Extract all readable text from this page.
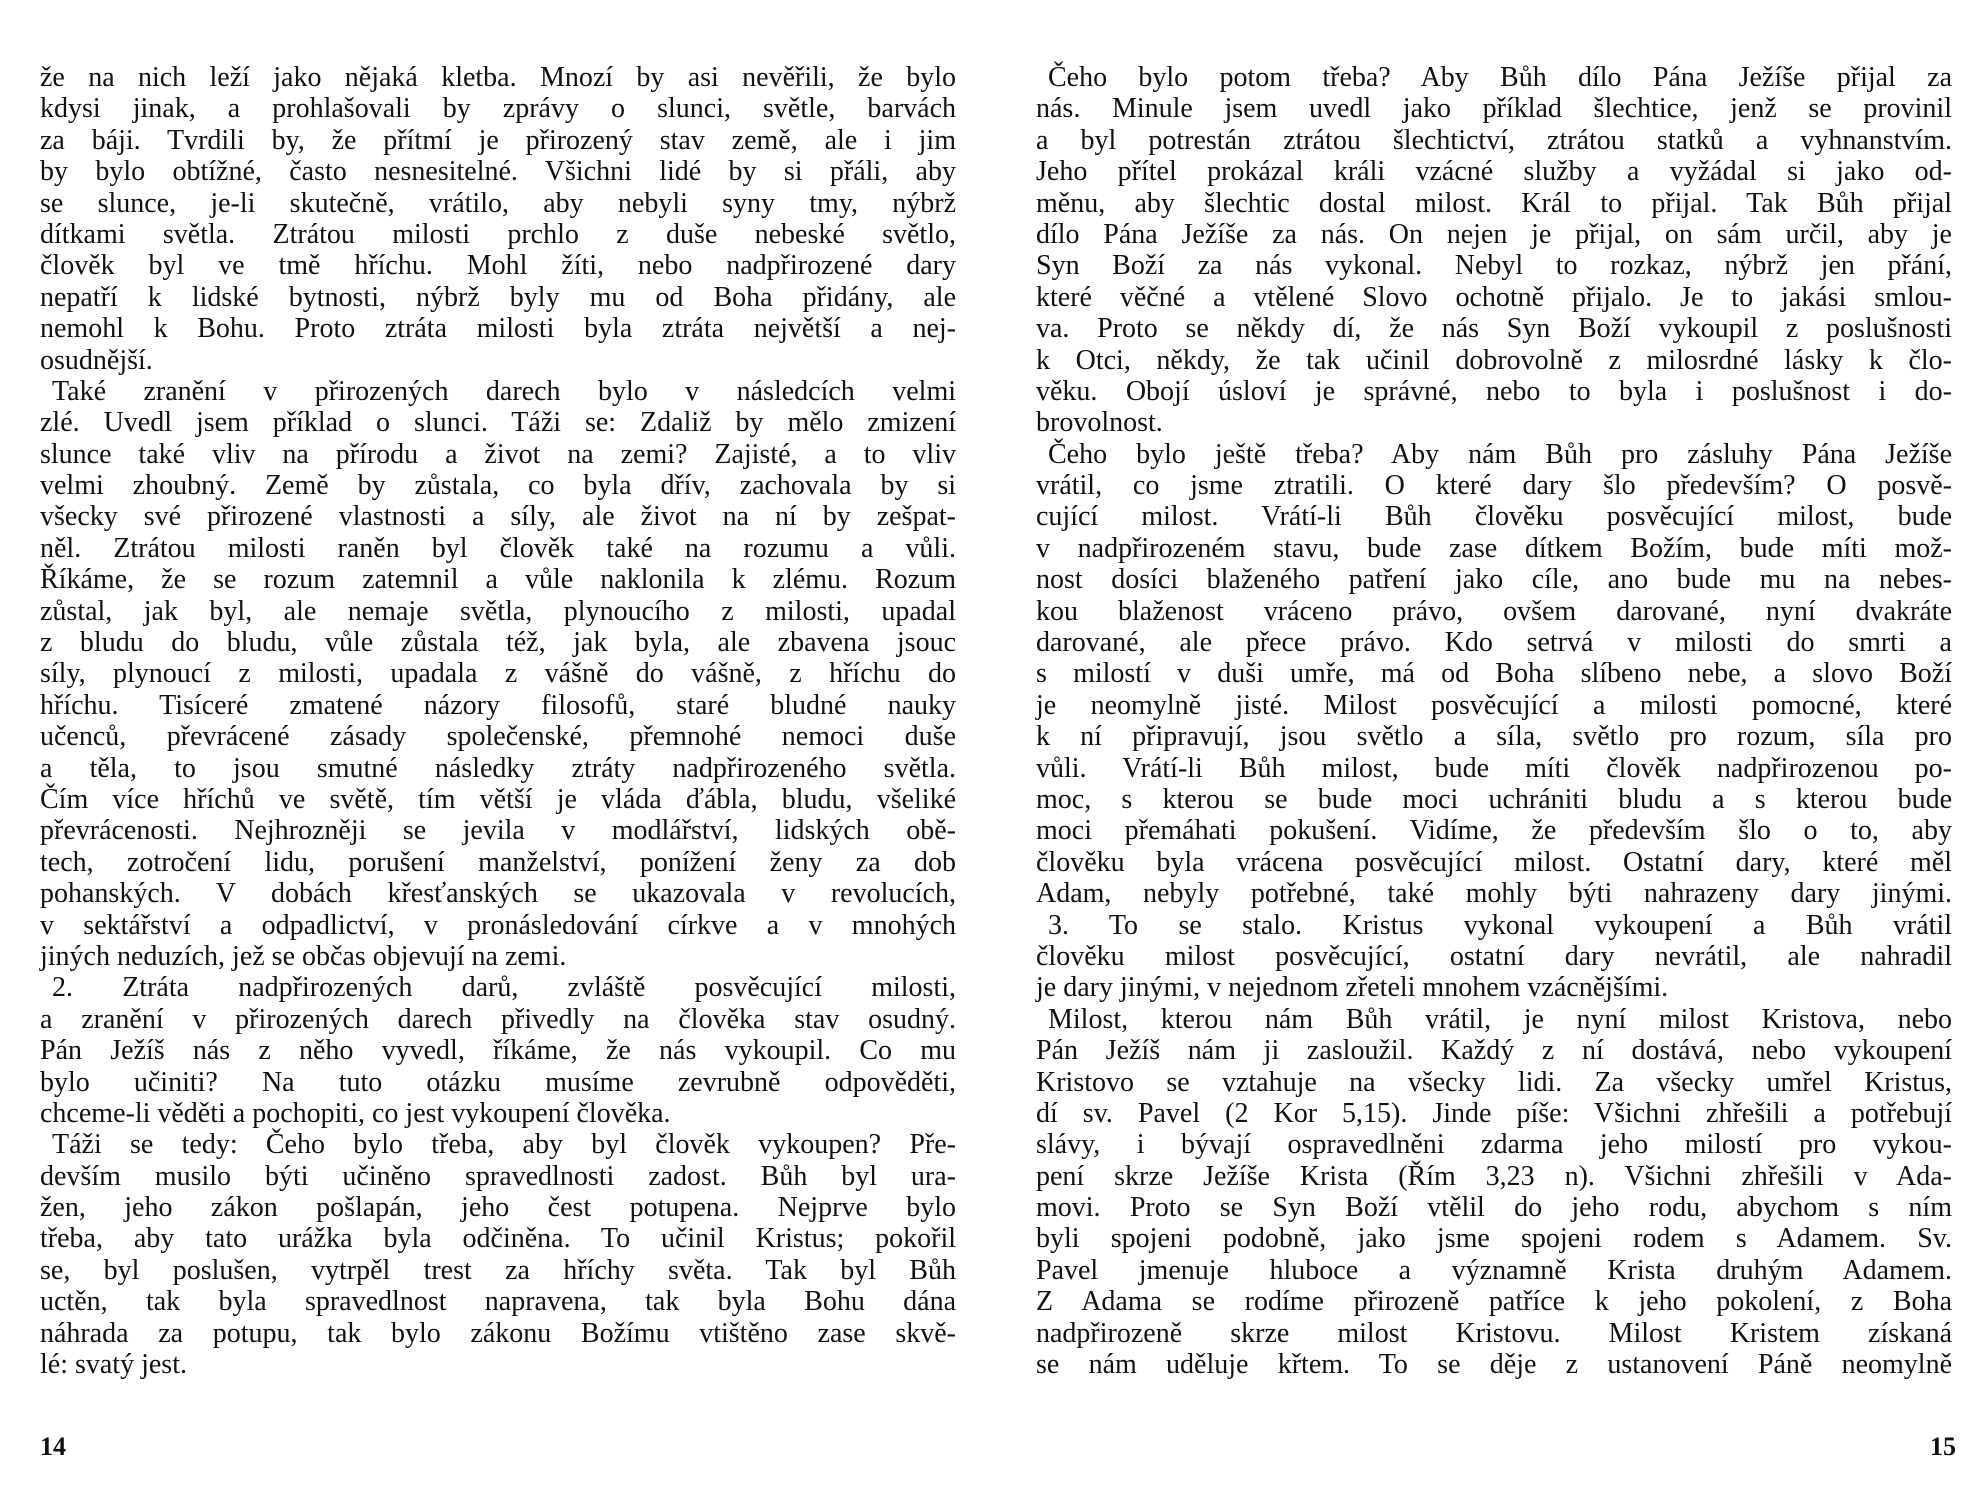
že na nich leží jako nějaká kletba. Mnozí by asi nevěřili, že bylo
kdysi jinak, a prohlašovali by zprávy o slunci, světle, barvách
za báji. Tvrdili by, že přítmí je přirozený stav země, ale i jim
by bylo obtížné, často nesnesitelné. Všichni lidé by si přáli, aby
se slunce, je-li skutečně, vrátilo, aby nebyli syny tmy, nýbrž
dítkami světla. Ztrátou milosti prchlo z duše nebeské světlo,
člověk byl ve tmě hříchu. Mohl žíti, nebo nadpřirozené dary
nepatří k lidské bytnosti, nýbrž byly mu od Boha přidány, ale
nemohl k Bohu. Proto ztráta milosti byla ztráta největší a nej-
osudnější.
Také zranění v přirozených darech bylo v následcích velmi
zlé. Uvedl jsem příklad o slunci. Táži se: Zdaliž by mělo zmizení
slunce také vliv na přírodu a život na zemi? Zajisté, a to vliv
velmi zhoubný. Země by zůstala, co byla dřív, zachovala by si
všecky své přirozené vlastnosti a síly, ale život na ní by zešpat-
něl. Ztrátou milosti raněn byl člověk také na rozumu a vůli.
Říkáme, že se rozum zatemnil a vůle naklonila k zlému. Rozum
zůstal, jak byl, ale nemaje světla, plynoucího z milosti, upadal
z bludu do bludu, vůle zůstala též, jak byla, ale zbavena jsouc
síly, plynoucí z milosti, upadala z vášně do vášně, z hříchu do
hříchu. Tisíceré zmatené názory filosofů, staré bludné nauky
učenců, převrácené zásady společenské, přemnohé nemoci duše
a těla, to jsou smutné následky ztráty nadpřirozeného světla.
Čím více hříchů ve světě, tím větší je vláda ďábla, bludu, všeliké
převrácenosti. Nejhrozněji se jevila v modlářství, lidských obě-
tech, zotročení lidu, porušení manželství, ponížení ženy za dob
pohanských. V dobách křesťanských se ukazovala v revolucích,
v sektářství a odpadlictví, v pronásledování církve a v mnohých
jiných neduzích, jež se občas objevují na zemi.
2. Ztráta nadpřirozených darů, zvláště posvěcující milosti,
a zranění v přirozených darech přivedly na člověka stav osudný.
Pán Ježíš nás z něho vyvedl, říkáme, že nás vykoupil. Co mu
bylo učiniti? Na tuto otázku musíme zevrubně odpověděti,
chceme-li věděti a pochopiti, co jest vykoupení člověka.
Táži se tedy: Čeho bylo třeba, aby byl člověk vykoupen? Pře-
devším musilo býti učiněno spravedlnosti zadost. Bůh byl ura-
žen, jeho zákon pošlapán, jeho čest potupena. Nejprve bylo
třeba, aby tato urážka byla odčiněna. To učinil Kristus; pokořil
se, byl poslušen, vytrpěl trest za hříchy světa. Tak byl Bůh
uctěn, tak byla spravedlnost napravena, tak byla Bohu dána
náhrada za potupu, tak bylo zákonu Božímu vtištěno zase skvě-
lé: svatý jest.
Čeho bylo potom třeba? Aby Bůh dílo Pána Ježíše přijal za
nás. Minule jsem uvedl jako příklad šlechtice, jenž se provinil
a byl potrestán ztrátou šlechtictví, ztrátou statků a vyhnanstvím.
Jeho přítel prokázal králi vzácné služby a vyžádal si jako od-
měnu, aby šlechtic dostal milost. Král to přijal. Tak Bůh přijal
dílo Pána Ježíše za nás. On nejen je přijal, on sám určil, aby je
Syn Boží za nás vykonal. Nebyl to rozkaz, nýbrž jen přání,
které věčné a vtělené Slovo ochotně přijalo. Je to jakási smlou-
va. Proto se někdy dí, že nás Syn Boží vykoupil z poslušnosti
k Otci, někdy, že tak učinil dobrovolně z milosrdné lásky k člo-
věku. Obojí úsloví je správné, nebo to byla i poslušnost i do-
brovolnost.
Čeho bylo ještě třeba? Aby nám Bůh pro zásluhy Pána Ježíše
vrátil, co jsme ztratili. O které dary šlo především? O posvě-
cující milost. Vrátí-li Bůh člověku posvěcující milost, bude
v nadpřirozeném stavu, bude zase dítkem Božím, bude míti mož-
nost dosíci blaženého patření jako cíle, ano bude mu na nebes-
kou blaženost vráceno právo, ovšem darované, nyní dvakráte
darované, ale přece právo. Kdo setrvá v milosti do smrti a
s milostí v duši umře, má od Boha slíbeno nebe, a slovo Boží
je neomylně jisté. Milost posvěcující a milosti pomocné, které
k ní připravují, jsou světlo a síla, světlo pro rozum, síla pro
vůli. Vrátí-li Bůh milost, bude míti člověk nadpřirozenou po-
moc, s kterou se bude moci uchrániti bludu a s kterou bude
moci přemáhati pokušení. Vidíme, že především šlo o to, aby
člověku byla vrácena posvěcující milost. Ostatní dary, které měl
Adam, nebyly potřebné, také mohly býti nahrazeny dary jinými.
3. To se stalo. Kristus vykonal vykoupení a Bůh vrátil
člověku milost posvěcující, ostatní dary nevrátil, ale nahradil
je dary jinými, v nejednom zřeteli mnohem vzácnějšími.
Milost, kterou nám Bůh vrátil, je nyní milost Kristova, nebo
Pán Ježíš nám ji zasloužil. Každý z ní dostává, nebo vykoupení
Kristovo se vztahuje na všecky lidi. Za všecky umřel Kristus,
dí sv. Pavel (2 Kor 5,15). Jinde píše: Všichni zhřešili a potřebují
slávy, i bývají ospravedlněni zdarma jeho milostí pro vykou-
pení skrze Ježíše Krista (Řím 3,23 n). Všichni zhřešili v Ada-
movi. Proto se Syn Boží vtělil do jeho rodu, abychom s ním
byli spojeni podobně, jako jsme spojeni rodem s Adamem. Sv.
Pavel jmenuje hluboce a významně Krista druhým Adamem.
Z Adama se rodíme přirozeně patříce k jeho pokolení, z Boha
nadpřirozeně skrze milost Kristovu. Milost Kristem získaná
se nám uděluje křtem. To se děje z ustanovení Páně neomylně
14	15
